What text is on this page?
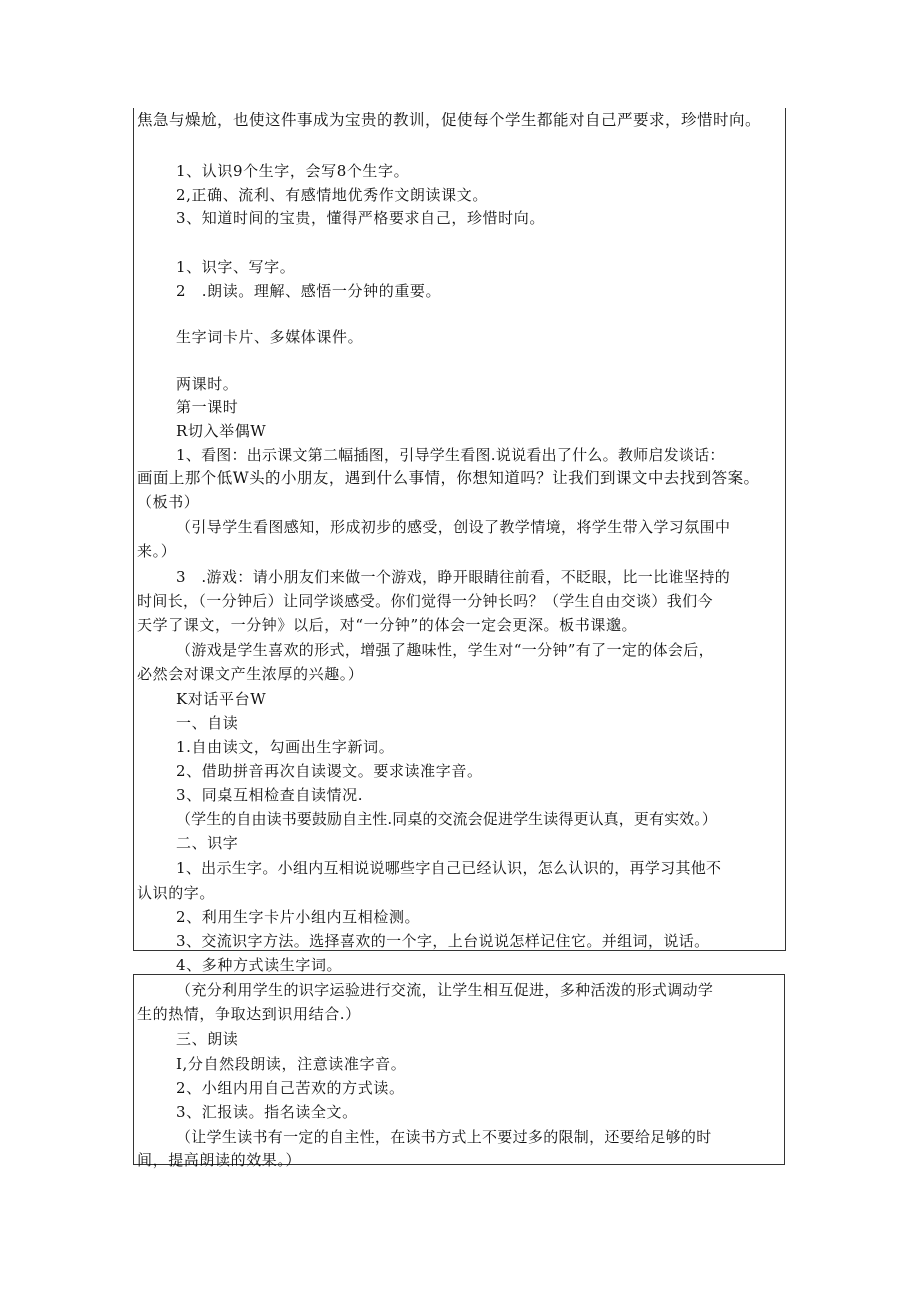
焦急与燥尬，也使这件事成为宝贵的教训，促使每个学生都能对自己严要求，珍惜时向。
1、认识9个生字，会写8个生字。
2,正确、流利、有感情地优秀作文朗读课文。
3、知道时间的宝贵，懂得严格要求自己，珍惜时向。
1、识字、写字。
2　.朗读。理解、感悟一分钟的重要。
生字词卡片、多媒体课件。
两课时。
第一课时
R切入举偶W
1、看图：出示课文第二幅插图，引导学生看图.说说看出了什么。教师启发谈话：
画面上那个低W头的小朋友，遇到什么事情，你想知道吗？让我们到课文中去找到答案。
（板书）
（引导学生看图感知，形成初步的感受，创设了教学情境，将学生带入学习氛围中
来。）
3　.游戏：请小朋友们来做一个游戏，睁开眼睛往前看，不眨眼，比一比谁坚持的
时间长，（一分钟后）让同学谈感受。你们觉得一分钟长吗？（学生自由交谈）我们今
天学了课文，一分钟》以后，对“一分钟”的体会一定会更深。板书课邈。
（游戏是学生喜欢的形式，增强了趣味性，学生对“一分钟”有了一定的体会后，
必然会对课文产生浓厚的兴趣。）
K对话平台W
一、自读
1.自由读文，勾画出生字新词。
2、借助拼音再次自读谡文。要求读准字音。
3、同桌互相检查自读情况.
（学生的自由读书要鼓励自主性.同桌的交流会促进学生读得更认真，更有实效。）
二、识字
1、出示生字。小组内互相说说哪些字自己已经认识，怎么认识的，再学习其他不
认识的字。
2、利用生字卡片小组内互相检测。
3、交流识字方法。选择喜欢的一个字，上台说说怎样记住它。并组词，说话。
4、多种方式读生字词。
（充分利用学生的识字运验进行交流，让学生相互促进，多种活泼的形式调动学
生的热情，争取达到识用结合.）
三、朗读
I,分自然段朗读，注意读准字音。
2、小组内用自己苦欢的方式读。
3、汇报读。指名读全文。
（让学生读书有一定的自主性，在读书方式上不要过多的限制，还要给足够的时
间，提高朗读的效果。）
